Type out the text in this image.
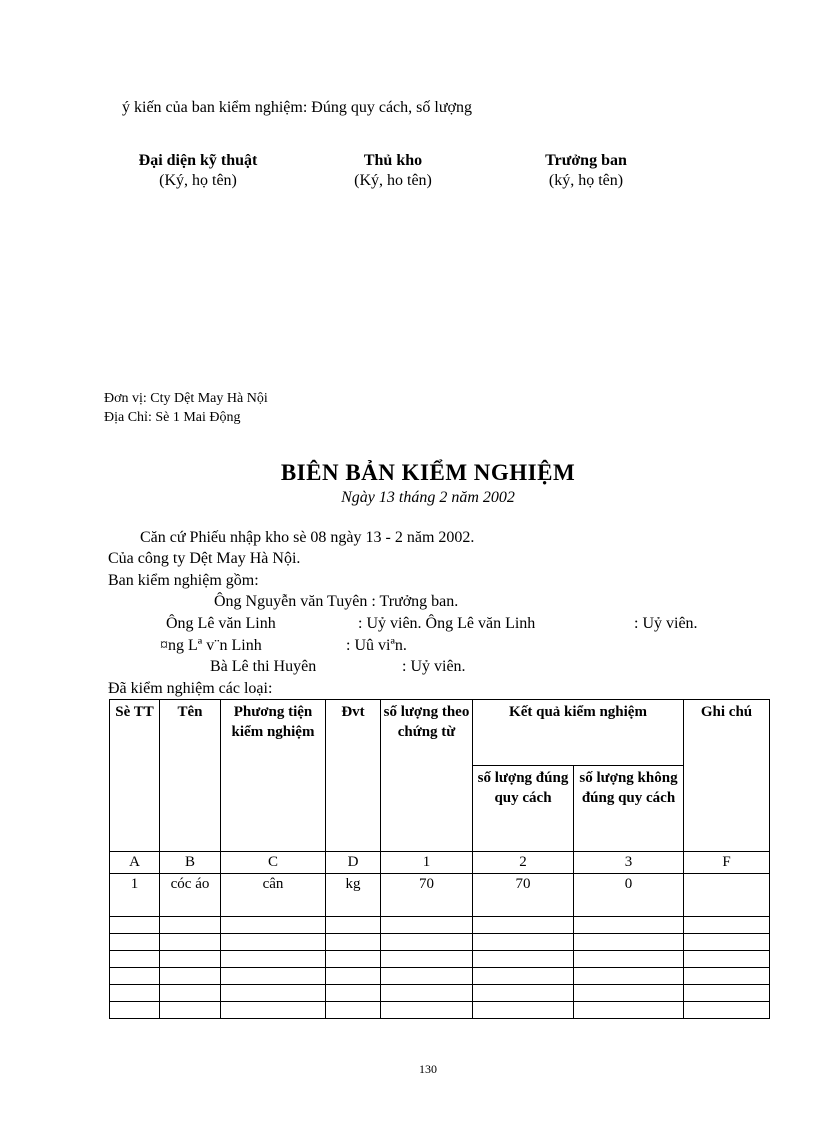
ý kiến của ban kiểm nghiệm: Đúng quy cách, số lượng
Đại diện kỹ thuật
(Ký, họ tên)
Thủ kho
(Ký, ho tên)
Trưởng ban
(ký, họ tên)
Đơn vị: Cty Dệt May Hà Nội
Địa Chỉ: Sè 1 Mai Động
BIÊN BẢN KIỂM NGHIỆM
Ngày 13 tháng 2 năm 2002
Căn cứ Phiếu nhập kho sè 08 ngày 13 - 2 năm 2002.
Của công ty Dệt May Hà Nội.
Ban kiểm nghiệm gồm:
Ông Nguyễn văn Tuyên : Trưởng ban.
Ông Lê văn Linh	: Uỷ viên. Ông Lê văn Linh	: Uỷ viên.
¤ng Lª v¨n Linh	: Uû viªn.
Bà Lê thi Huyên	: Uỷ viên.
Đã kiểm nghiệm các loại:
Sè TT	Tên	Phương tiện kiểm nghiệm	Đvt	số lượng theo chứng từ	Kết quả kiểm nghiệm		Ghi chú
					số lượng đúng quy cách	số lượng không đúng quy cách	
A	B	C	D	1	2	3	F
1	cóc áo	cân	kg	70	70	0	

130
